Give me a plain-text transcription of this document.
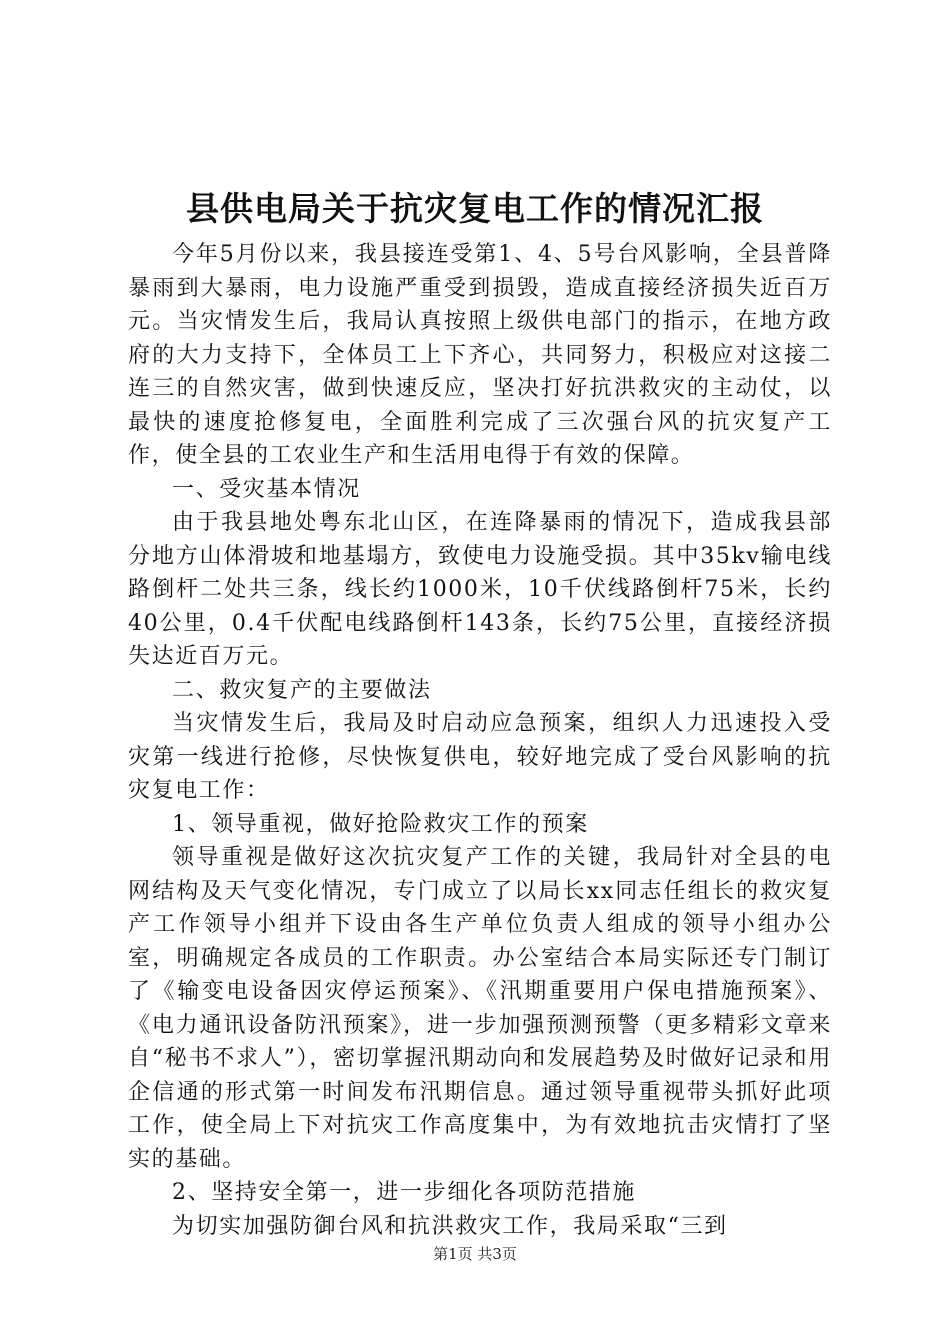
县供电局关于抗灾复电工作的情况汇报

今年5月份以来，我县接连受第1、4、5号台风影响，全县普降暴雨到大暴雨，电力设施严重受到损毁，造成直接经济损失近百万元。当灾情发生后，我局认真按照上级供电部门的指示，在地方政府的大力支持下，全体员工上下齐心，共同努力，积极应对这接二连三的自然灾害，做到快速反应，坚决打好抗洪救灾的主动仗，以最快的速度抢修复电，全面胜利完成了三次强台风的抗灾复产工作，使全县的工农业生产和生活用电得于有效的保障。

一、受灾基本情况

由于我县地处粤东北山区，在连降暴雨的情况下，造成我县部分地方山体滑坡和地基塌方，致使电力设施受损。其中35kv输电线路倒杆二处共三条，线长约1000米，10千伏线路倒杆75米，长约40公里，0.4千伏配电线路倒杆143条，长约75公里，直接经济损失达近百万元。

二、救灾复产的主要做法

当灾情发生后，我局及时启动应急预案，组织人力迅速投入受灾第一线进行抢修，尽快恢复供电，较好地完成了受台风影响的抗灾复电工作：

1、领导重视，做好抢险救灾工作的预案

领导重视是做好这次抗灾复产工作的关键，我局针对全县的电网结构及天气变化情况，专门成立了以局长xx同志任组长的救灾复产工作领导小组并下设由各生产单位负责人组成的领导小组办公室，明确规定各成员的工作职责。办公室结合本局实际还专门制订了《输变电设备因灾停运预案》、《汛期重要用户保电措施预案》、《电力通讯设备防汛预案》，进一步加强预测预警（更多精彩文章来自“秘书不求人”），密切掌握汛期动向和发展趋势及时做好记录和用企信通的形式第一时间发布汛期信息。通过领导重视带头抓好此项工作，使全局上下对抗灾工作高度集中，为有效地抗击灾情打了坚实的基础。

2、坚持安全第一，进一步细化各项防范措施

为切实加强防御台风和抗洪救灾工作，我局采取“三到

第1页 共3页
